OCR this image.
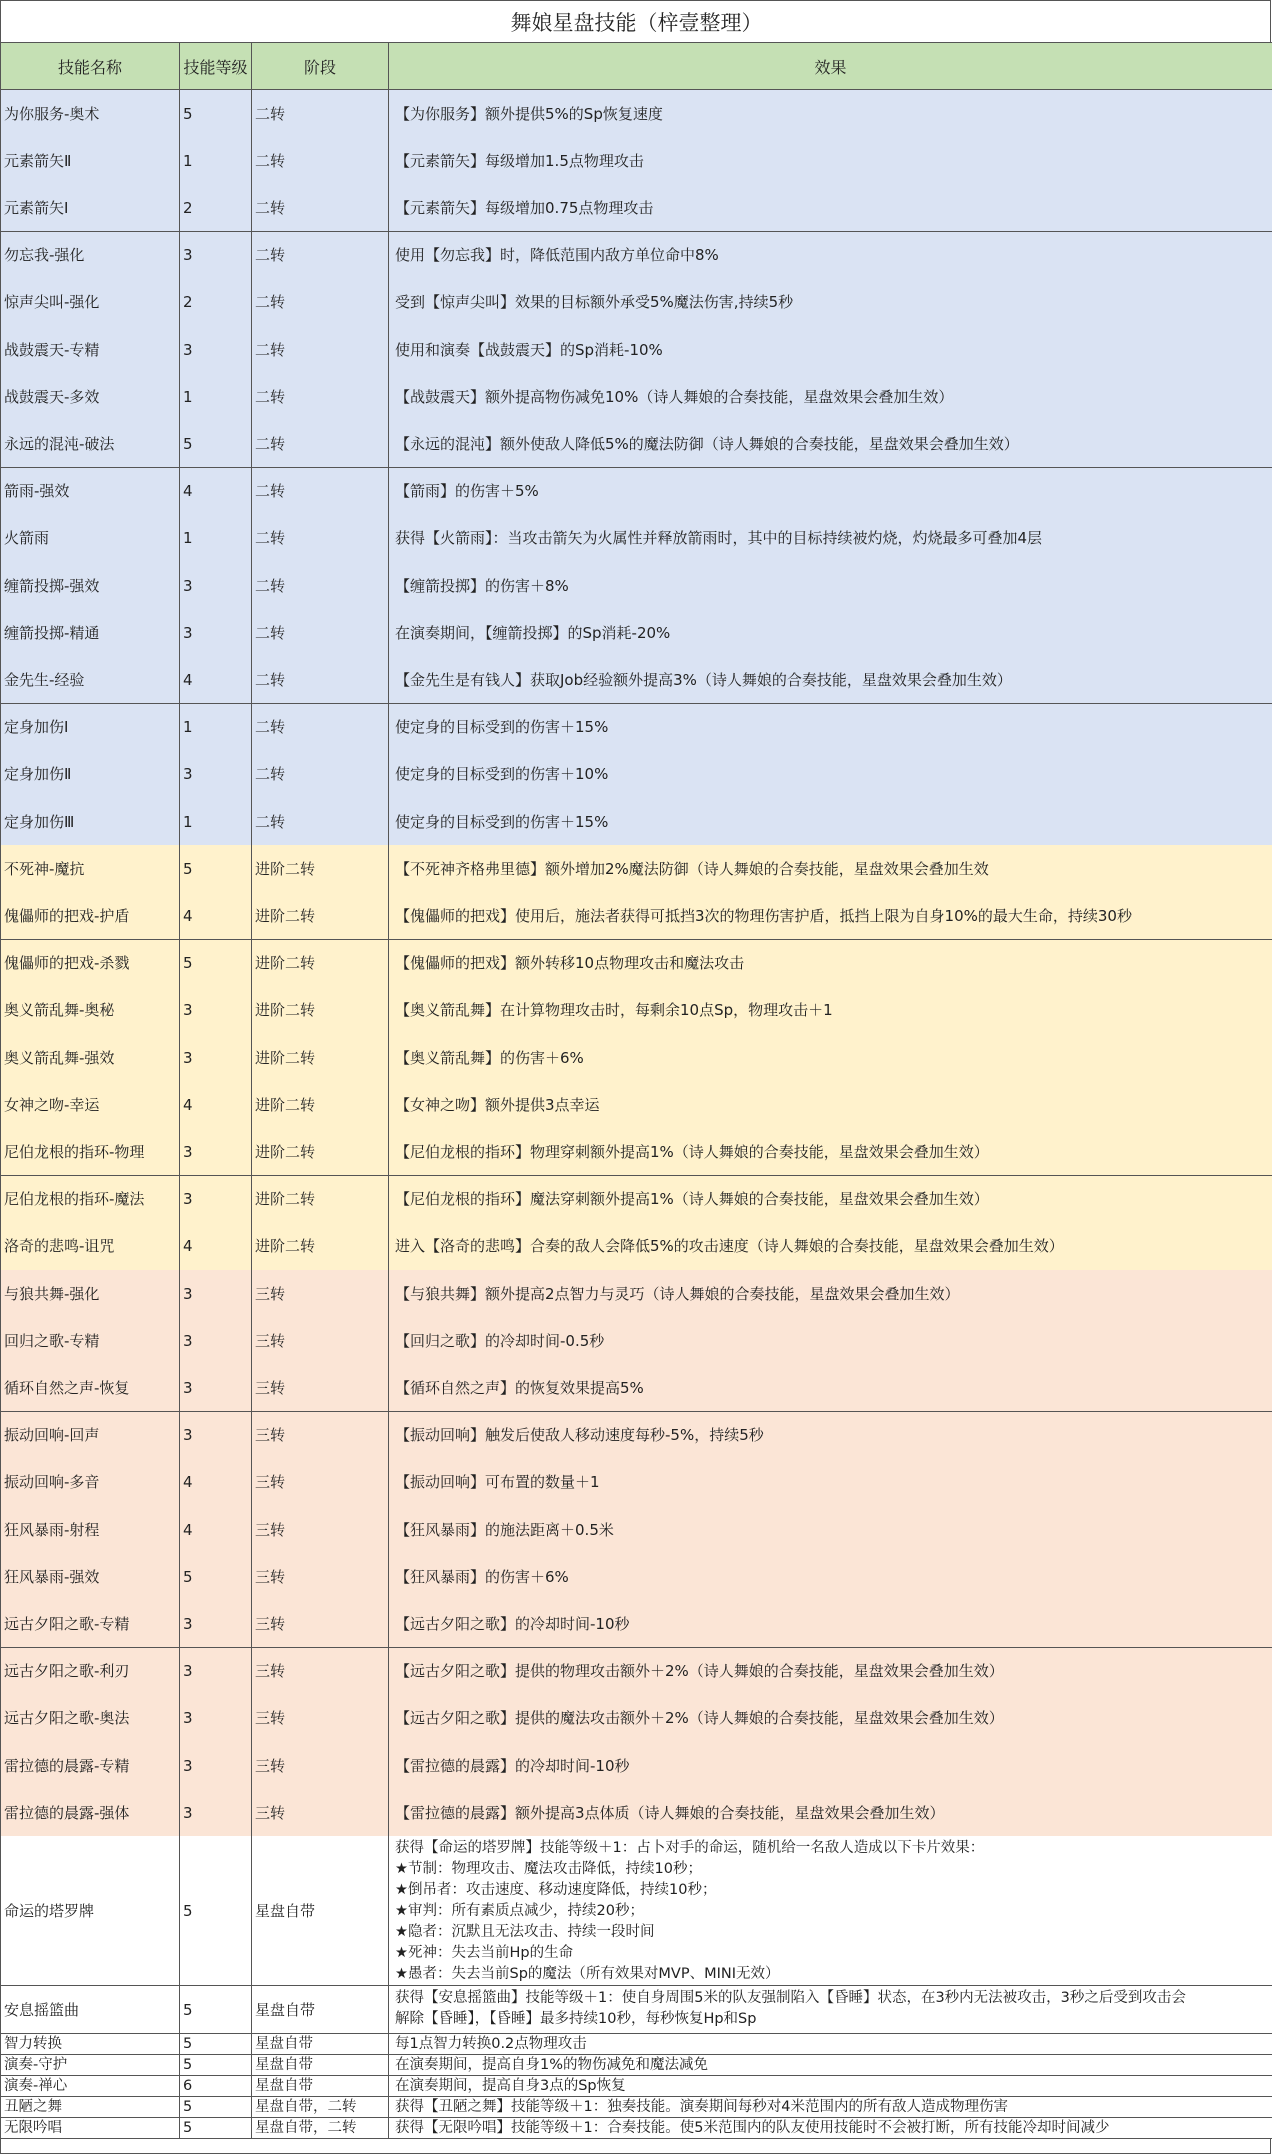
舞娘星盘技能（梓壹整理）
技能名称	技能等级	阶段	效果
为你服务-奥术	5	二转	【为你服务】额外提供5%的Sp恢复速度
元素箭矢Ⅱ	1	二转	【元素箭矢】每级增加1.5点物理攻击
元素箭矢Ⅰ	2	二转	【元素箭矢】每级增加0.75点物理攻击
勿忘我-强化	3	二转	使用【勿忘我】时，降低范围内敌方单位命中8%
惊声尖叫-强化	2	二转	受到【惊声尖叫】效果的目标额外承受5%魔法伤害,持续5秒
战鼓震天-专精	3	二转	使用和演奏【战鼓震天】的Sp消耗-10%
战鼓震天-多效	1	二转	【战鼓震天】额外提高物伤减免10%（诗人舞娘的合奏技能，星盘效果会叠加生效）
永远的混沌-破法	5	二转	【永远的混沌】额外使敌人降低5%的魔法防御（诗人舞娘的合奏技能，星盘效果会叠加生效）
箭雨-强效	4	二转	【箭雨】的伤害＋5%
火箭雨	1	二转	获得【火箭雨】：当攻击箭矢为火属性并释放箭雨时，其中的目标持续被灼烧，灼烧最多可叠加4层
缠箭投掷-强效	3	二转	【缠箭投掷】的伤害＋8%
缠箭投掷-精通	3	二转	在演奏期间，【缠箭投掷】的Sp消耗-20%
金先生-经验	4	二转	【金先生是有钱人】获取Job经验额外提高3%（诗人舞娘的合奏技能，星盘效果会叠加生效）
定身加伤Ⅰ	1	二转	使定身的目标受到的伤害＋15%
定身加伤Ⅱ	3	二转	使定身的目标受到的伤害＋10%
定身加伤Ⅲ	1	二转	使定身的目标受到的伤害＋15%
不死神-魔抗	5	进阶二转	【不死神齐格弗里德】额外增加2%魔法防御（诗人舞娘的合奏技能，星盘效果会叠加生效
傀儡师的把戏-护盾	4	进阶二转	【傀儡师的把戏】使用后，施法者获得可抵挡3次的物理伤害护盾，抵挡上限为自身10%的最大生命，持续30秒
傀儡师的把戏-杀戮	5	进阶二转	【傀儡师的把戏】额外转移10点物理攻击和魔法攻击
奥义箭乱舞-奥秘	3	进阶二转	【奥义箭乱舞】在计算物理攻击时，每剩余10点Sp，物理攻击＋1
奥义箭乱舞-强效	3	进阶二转	【奥义箭乱舞】的伤害＋6%
女神之吻-幸运	4	进阶二转	【女神之吻】额外提供3点幸运
尼伯龙根的指环-物理	3	进阶二转	【尼伯龙根的指环】物理穿刺额外提高1%（诗人舞娘的合奏技能，星盘效果会叠加生效）
尼伯龙根的指环-魔法	3	进阶二转	【尼伯龙根的指环】魔法穿刺额外提高1%（诗人舞娘的合奏技能，星盘效果会叠加生效）
洛奇的悲鸣-诅咒	4	进阶二转	进入【洛奇的悲鸣】合奏的敌人会降低5%的攻击速度（诗人舞娘的合奏技能，星盘效果会叠加生效）
与狼共舞-强化	3	三转	【与狼共舞】额外提高2点智力与灵巧（诗人舞娘的合奏技能，星盘效果会叠加生效）
回归之歌-专精	3	三转	【回归之歌】的冷却时间-0.5秒
循环自然之声-恢复	3	三转	【循环自然之声】的恢复效果提高5%
振动回响-回声	3	三转	【振动回响】触发后使敌人移动速度每秒-5%，持续5秒
振动回响-多音	4	三转	【振动回响】可布置的数量＋1
狂风暴雨-射程	4	三转	【狂风暴雨】的施法距离＋0.5米
狂风暴雨-强效	5	三转	【狂风暴雨】的伤害＋6%
远古夕阳之歌-专精	3	三转	【远古夕阳之歌】的冷却时间-10秒
远古夕阳之歌-利刃	3	三转	【远古夕阳之歌】提供的物理攻击额外＋2%（诗人舞娘的合奏技能，星盘效果会叠加生效）
远古夕阳之歌-奥法	3	三转	【远古夕阳之歌】提供的魔法攻击额外＋2%（诗人舞娘的合奏技能，星盘效果会叠加生效）
雷拉德的晨露-专精	3	三转	【雷拉德的晨露】的冷却时间-10秒
雷拉德的晨露-强体	3	三转	【雷拉德的晨露】额外提高3点体质（诗人舞娘的合奏技能，星盘效果会叠加生效）
命运的塔罗牌	5	星盘自带
获得【命运的塔罗牌】技能等级＋1：占卜对手的命运，随机给一名敌人造成以下卡片效果：
★节制：物理攻击、魔法攻击降低，持续10秒；
★倒吊者：攻击速度、移动速度降低，持续10秒；
★审判：所有素质点减少，持续20秒；
★隐者：沉默且无法攻击、持续一段时间
★死神：失去当前Hp的生命
★愚者：失去当前Sp的魔法（所有效果对MVP、MINI无效）
安息摇篮曲	5	星盘自带
获得【安息摇篮曲】技能等级＋1：使自身周围5米的队友强制陷入【昏睡】状态，在3秒内无法被攻击，3秒之后受到攻击会
解除【昏睡】，【昏睡】最多持续10秒，每秒恢复Hp和Sp
智力转换	5	星盘自带	每1点智力转换0.2点物理攻击
演奏-守护	5	星盘自带	在演奏期间，提高自身1%的物伤减免和魔法减免
演奏-禅心	6	星盘自带	在演奏期间，提高自身3点的Sp恢复
丑陋之舞	5	星盘自带，二转	获得【丑陋之舞】技能等级＋1：独奏技能。演奏期间每秒对4米范围内的所有敌人造成物理伤害
无限吟唱	5	星盘自带，二转	获得【无限吟唱】技能等级＋1：合奏技能。使5米范围内的队友使用技能时不会被打断，所有技能冷却时间减少
